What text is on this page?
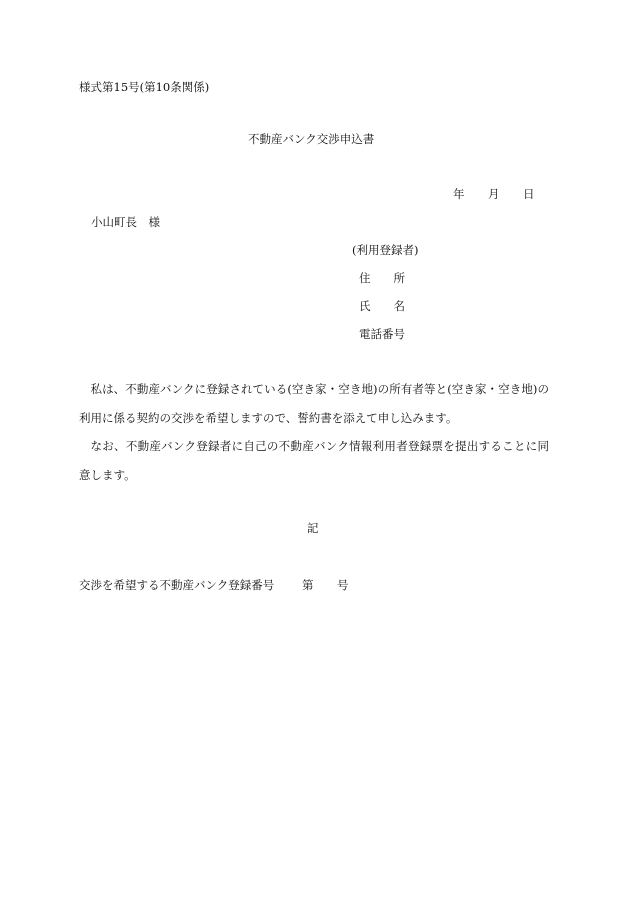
様式第15号(第10条関係)
不動産バンク交渉申込書
年 月 日
小山町長　様
(利用登録者)
住　　所
氏　　名
電話番号
私は、不動産バンクに登録されている(空き家・空き地)の所有者等と(空き家・空き地)の利用に係る契約の交渉を希望しますので、誓約書を添えて申し込みます。
なお、不動産バンク登録者に自己の不動産バンク情報利用者登録票を提出することに同意します。
記
交渉を希望する不動産バンク登録番号 第 号
